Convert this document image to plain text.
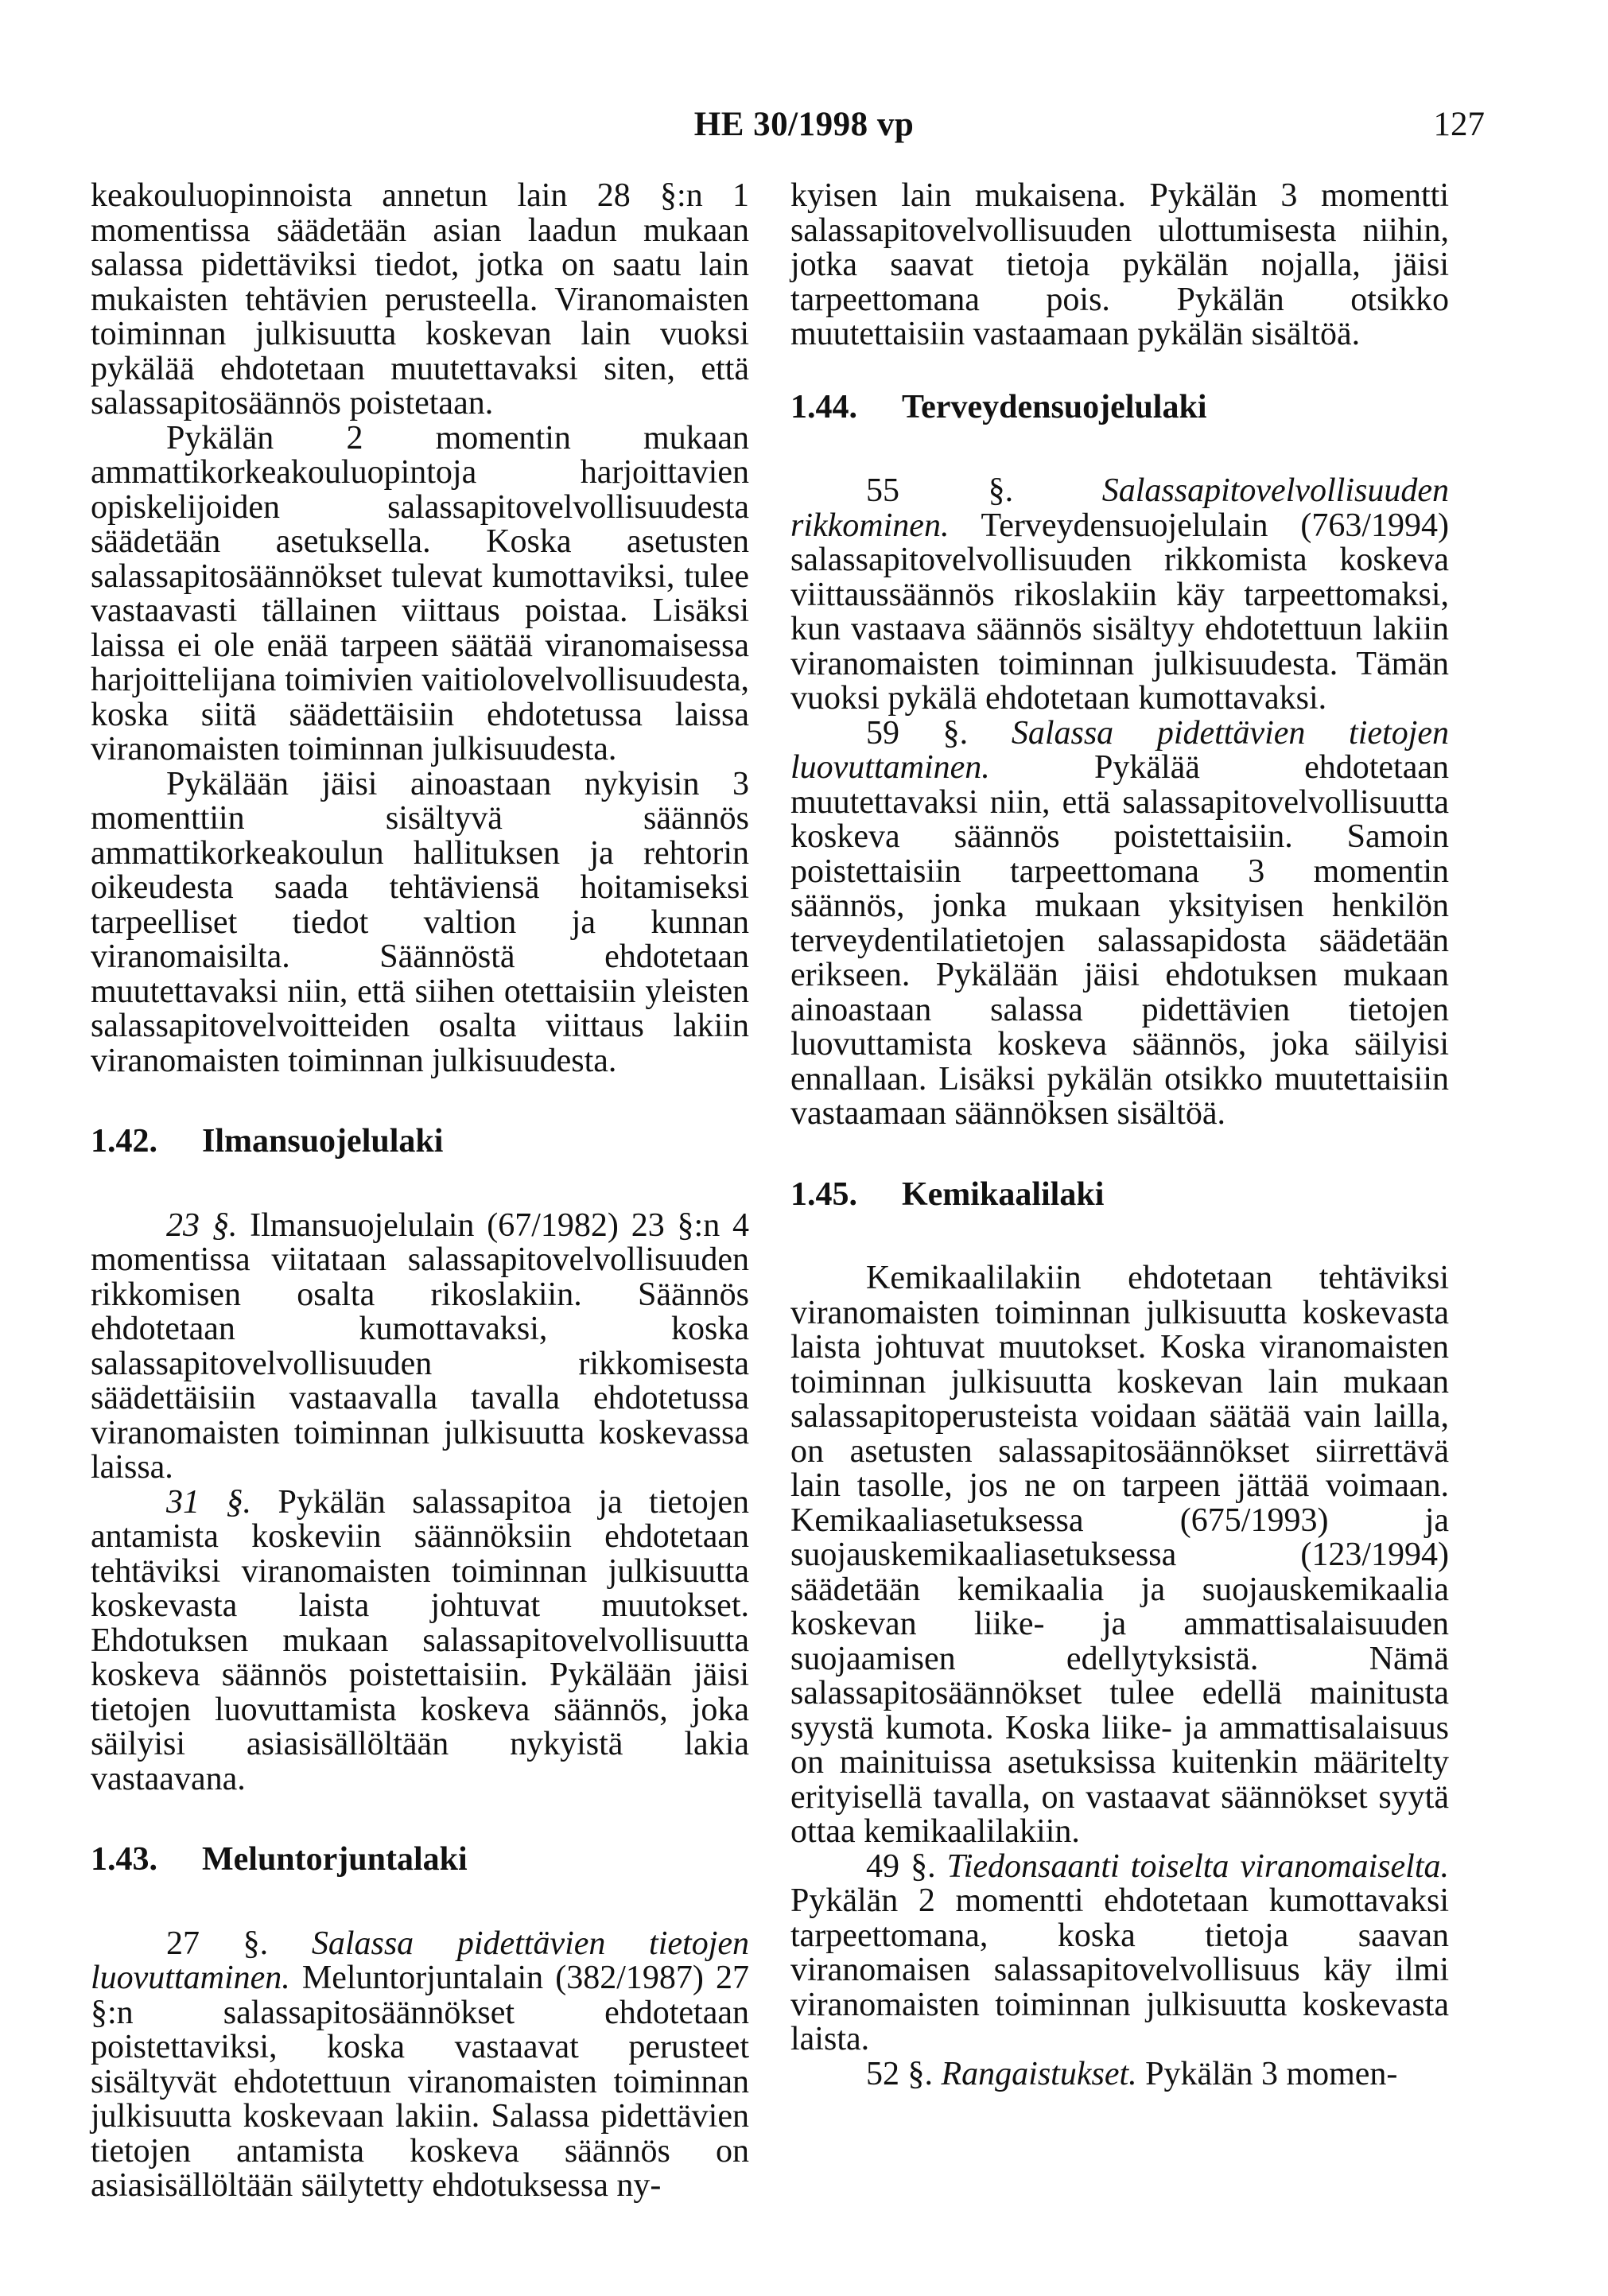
HE 30/1998 vp	127

keakouluopinnoista annetun lain 28 §:n 1 momentissa säädetään asian laadun mukaan salassa pidettäviksi tiedot, jotka on saatu lain mukaisten tehtävien perusteella. Viranomaisten toiminnan julkisuutta koskevan lain vuoksi pykälää ehdotetaan muutettavaksi siten, että salassapitosäännös poistetaan.

Pykälän 2 momentin mukaan ammattikorkeakouluopintoja harjoittavien opiskelijoiden salassapitovelvollisuudesta säädetään asetuksella. Koska asetusten salassapitosäännökset tulevat kumottaviksi, tulee vastaavasti tällainen viittaus poistaa. Lisäksi laissa ei ole enää tarpeen säätää viranomaisessa harjoittelijana toimivien vaitiolovelvollisuudesta, koska siitä säädettäisiin ehdotetussa laissa viranomaisten toiminnan julkisuudesta.

Pykälään jäisi ainoastaan nykyisin 3 momenttiin sisältyvä säännös ammattikorkeakoulun hallituksen ja rehtorin oikeudesta saada tehtäviensä hoitamiseksi tarpeelliset tiedot valtion ja kunnan viranomaisilta. Säännöstä ehdotetaan muutettavaksi niin, että siihen otettaisiin yleisten salassapitovelvoitteiden osalta viittaus lakiin viranomaisten toiminnan julkisuudesta.

1.42.	Ilmansuojelulaki

23 §. Ilmansuojelulain (67/1982) 23 §:n 4 momentissa viitataan salassapitovelvollisuuden rikkomisen osalta rikoslakiin. Säännös ehdotetaan kumottavaksi, koska salassapitovelvollisuuden rikkomisesta säädettäisiin vastaavalla tavalla ehdotetussa viranomaisten toiminnan julkisuutta koskevassa laissa.

31 §. Pykälän salassapitoa ja tietojen antamista koskeviin säännöksiin ehdotetaan tehtäviksi viranomaisten toiminnan julkisuutta koskevasta laista johtuvat muutokset. Ehdotuksen mukaan salassapitovelvollisuutta koskeva säännös poistettaisiin. Pykälään jäisi tietojen luovuttamista koskeva säännös, joka säilyisi asiasisällöltään nykyistä lakia vastaavana.

1.43.	Meluntorjuntalaki

27 §. Salassa pidettävien tietojen luovuttaminen. Meluntorjuntalain (382/1987) 27 §:n salassapitosäännökset ehdotetaan poistettaviksi, koska vastaavat perusteet sisältyvät ehdotettuun viranomaisten toiminnan julkisuutta koskevaan lakiin. Salassa pidettävien tietojen antamista koskeva säännös on asiasisällöltään säilytetty ehdotuksessa ny-

kyisen lain mukaisena. Pykälän 3 momentti salassapitovelvollisuuden ulottumisesta niihin, jotka saavat tietoja pykälän nojalla, jäisi tarpeettomana pois. Pykälän otsikko muutettaisiin vastaamaan pykälän sisältöä.

1.44.	Terveydensuojelulaki

55 §.	Salassapitovelvollisuuden rikkominen. Terveydensuojelulain (763/1994) salassapitovelvollisuuden rikkomista koskeva viittaussäännös rikoslakiin käy tarpeettomaksi, kun vastaava säännös sisältyy ehdotettuun lakiin viranomaisten toiminnan julkisuudesta. Tämän vuoksi pykälä ehdotetaan kumottavaksi.

59 §. Salassa pidettävien tietojen luovuttaminen.	Pykälää ehdotetaan muutettavaksi niin, että salassapitovelvollisuutta koskeva säännös poistettaisiin. Samoin poistettaisiin tarpeettomana 3 momentin säännös, jonka mukaan yksityisen henkilön terveydentilatietojen salassapidosta säädetään erikseen. Pykälään jäisi ehdotuksen mukaan ainoastaan salassa pidettävien tietojen luovuttamista koskeva säännös, joka säilyisi ennallaan. Lisäksi pykälän otsikko muutettaisiin vastaamaan säännöksen sisältöä.

1.45.	Kemikaalilaki

Kemikaalilakiin ehdotetaan tehtäviksi viranomaisten toiminnan julkisuutta koskevasta laista johtuvat muutokset. Koska viranomaisten toiminnan julkisuutta koskevan lain mukaan salassapitoperusteista voidaan säätää vain lailla, on asetusten salassapitosäännökset siirrettävä lain tasolle, jos ne on tarpeen jättää voimaan. Kemikaaliasetuksessa (675/1993) ja suojauskemikaaliasetuksessa (123/1994) säädetään kemikaalia ja suojauskemikaalia koskevan liike- ja ammattisalaisuuden suojaamisen edellytyksistä. Nämä salassapitosäännökset tulee edellä mainitusta syystä kumota. Koska liike- ja ammattisalaisuus on mainituissa asetuksissa kuitenkin määritelty erityisellä tavalla, on vastaavat säännökset syytä ottaa kemikaalilakiin.

49 §. Tiedonsaanti toiselta viranomaiselta. Pykälän 2 momentti ehdotetaan kumottavaksi tarpeettomana, koska tietoja saavan viranomaisen salassapitovelvollisuus käy ilmi viranomaisten toiminnan julkisuutta koskevasta laista.

52 §. Rangaistukset. Pykälän 3 momen-
